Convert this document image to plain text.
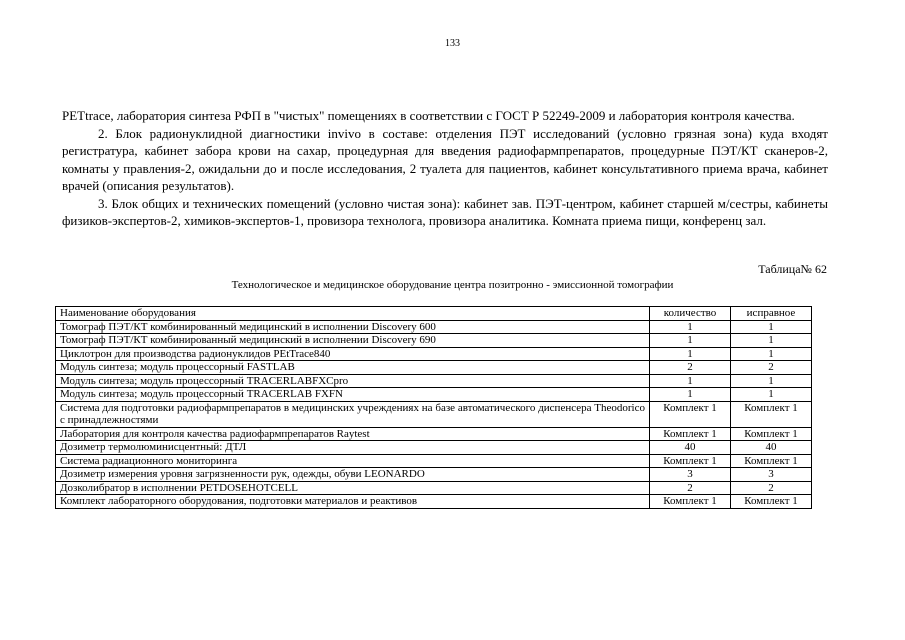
133

PETtrace, лаборатория синтеза РФП в "чистых" помещениях в соответствии с ГОСТ Р 52249-2009 и лаборатория контроля качества.

2. Блок радионуклидной диагностики invivo в составе: отделения ПЭТ исследований (условно грязная зона) куда входят регистратура, кабинет забора крови на сахар, процедурная для введения радиофармпрепаратов, процедурные ПЭТ/КТ сканеров-2, комнаты у правления-2, ожидальни до и после исследования, 2 туалета для пациентов, кабинет консультативного приема врача, кабинет врачей (описания результатов).

3. Блок общих и технических помещений (условно чистая зона): кабинет зав. ПЭТ-центром, кабинет старшей м/сестры, кабинеты физиков-экспертов-2, химиков-экспертов-1, провизора технолога, провизора аналитика. Комната приема пищи, конференц зал.

Таблица№ 62
Технологическое и медицинское оборудование центра позитронно - эмиссионной томографии
Наименование оборудования	количество	исправное
Томограф ПЭТ/КТ комбинированный медицинский в исполнении Discovery 600	1	1
Томограф ПЭТ/КТ комбинированный медицинский в исполнении Discovery 690	1	1
Циклотрон для производства радионуклидов PEtTrace840	1	1
Модуль синтеза; модуль процессорный FASTLAB	2	2
Модуль синтеза; модуль процессорный TRACERLABFXCpro	1	1
Модуль синтеза; модуль процессорный TRACERLAB FXFN	1	1
Система для подготовки радиофармпрепаратов в медицинских учреждениях на базе автоматического диспенсера Theodorico с принадлежностями	Комплект 1	Комплект 1
Лаборатория для контроля качества радиофармпрепаратов Raytest	Комплект 1	Комплект 1
Дозиметр термолюминисцентный: ДТЛ	40	40
Система радиационного мониторинга	Комплект 1	Комплект 1
Дозиметр измерения уровня загрязненности рук, одежды, обуви LEONARDO	3	3
Дозколибратор в исполнении PETDOSEHOTCELL	2	2
Комплект лабораторного оборудования, подготовки материалов и реактивов	Комплект 1	Комплект 1
